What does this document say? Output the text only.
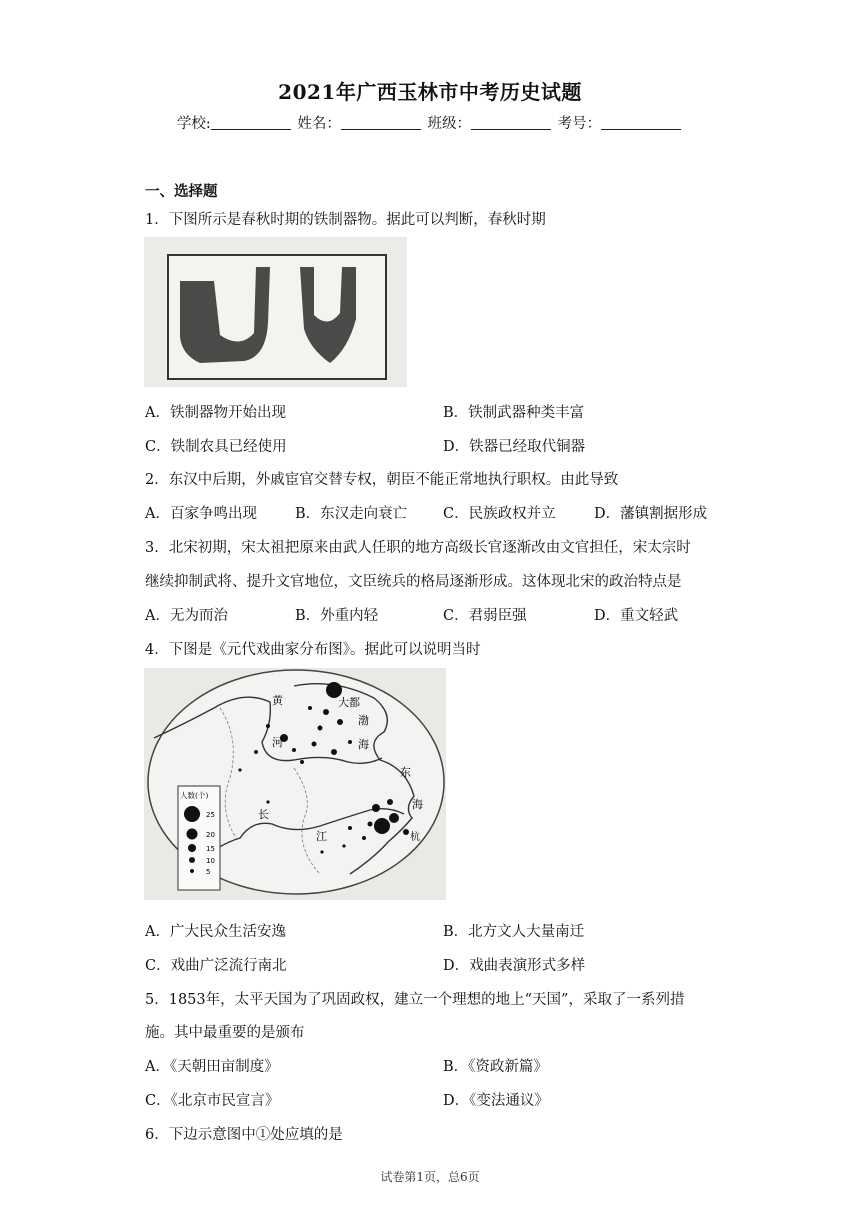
2021年广西玉林市中考历史试题
学校:	姓名：	班级：	考号：
一、选择题
1．下图所示是春秋时期的铁制器物。据此可以判断，春秋时期
A．铁制器物开始出现	B．铁制武器种类丰富
C．铁制农具已经使用	D．铁器已经取代铜器
2．东汉中后期，外戚宦官交替专权，朝臣不能正常地执行职权。由此导致
A．百家争鸣出现	B．东汉走向衰亡 C．民族政权并立	D．藩镇割据形成
3．北宋初期，宋太祖把原来由武人任职的地方高级长官逐渐改由文官担任，宋太宗时
继续抑制武将、提升文官地位，文臣统兵的格局逐渐形成。这体现北宋的政治特点是
A．无为而治	B．外重内轻	C．君弱臣强	D．重文轻武
4．下图是《元代戏曲家分布图》。据此可以说明当时
黄
河
大都
渤
海
东
海
长
江	杭
人数(个)
25
20
15
10
5
A．广大民众生活安逸	B．北方文人大量南迁
C．戏曲广泛流行南北	D．戏曲表演形式多样
5．1853年，太平天国为了巩固政权，建立一个理想的地上“天国”，采取了一系列措
施。其中最重要的是颁布
A．《天朝田亩制度》	B．《资政新篇》
C．《北京市民宣言》	D．《变法通议》
6．下边示意图中①处应填的是
试卷第1页，总6页
